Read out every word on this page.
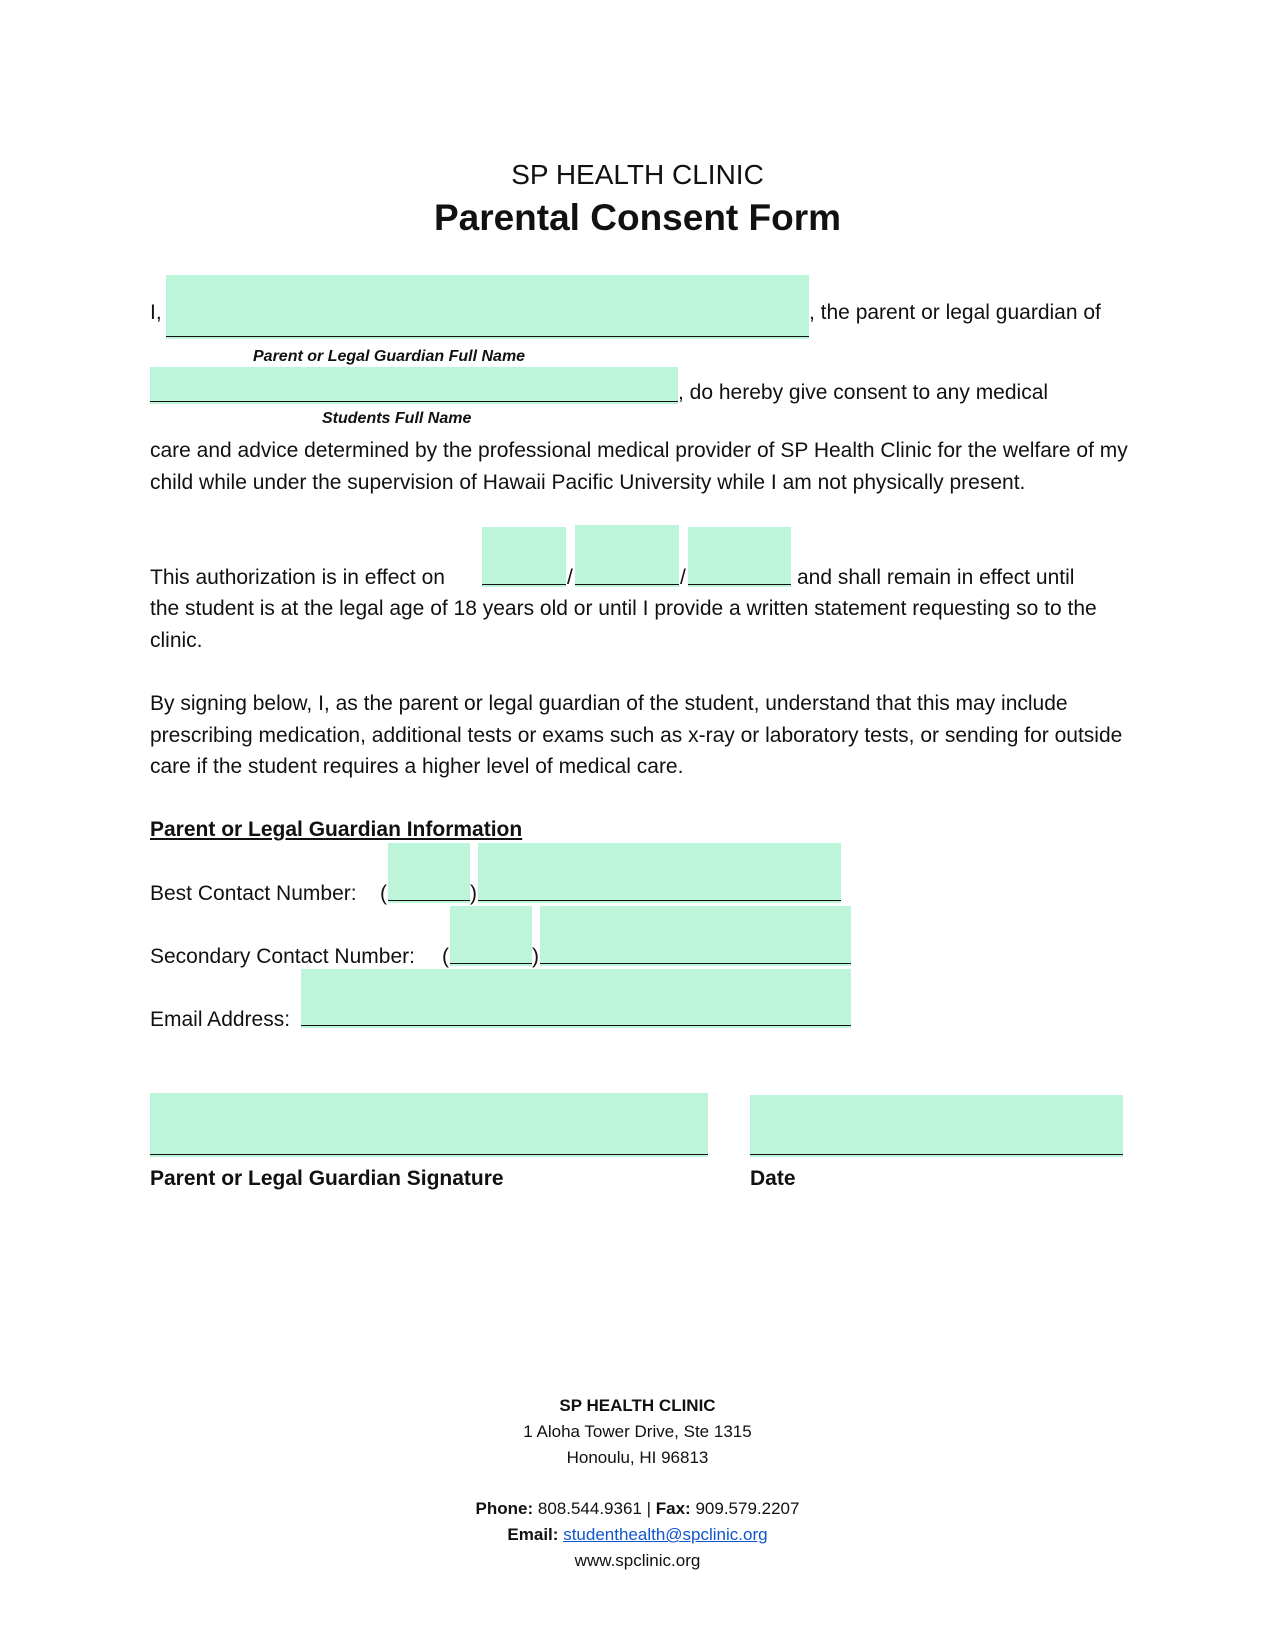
SP HEALTH CLINIC
Parental Consent Form
I,	, the parent or legal guardian of
Parent or Legal Guardian Full Name
, do hereby give consent to any medical
Students Full Name
care and advice determined by the professional medical provider of SP Health Clinic for the welfare of my child while under the supervision of Hawaii Pacific University while I am not physically present.
This authorization is in effect on	/	/	and shall remain in effect until
the student is at the legal age of 18 years old or until I provide a written statement requesting so to the clinic.
By signing below, I, as the parent or legal guardian of the student, understand that this may include prescribing medication, additional tests or exams such as x-ray or laboratory tests, or sending for outside care if the student requires a higher level of medical care.
Parent or Legal Guardian Information
Best Contact Number: (	)
Secondary Contact Number: (	)
Email Address:
Parent or Legal Guardian Signature	Date
SP HEALTH CLINIC
1 Aloha Tower Drive, Ste 1315
Honoulu, HI 96813
Phone: 808.544.9361 | Fax: 909.579.2207
Email: studenthealth@spclinic.org
www.spclinic.org
